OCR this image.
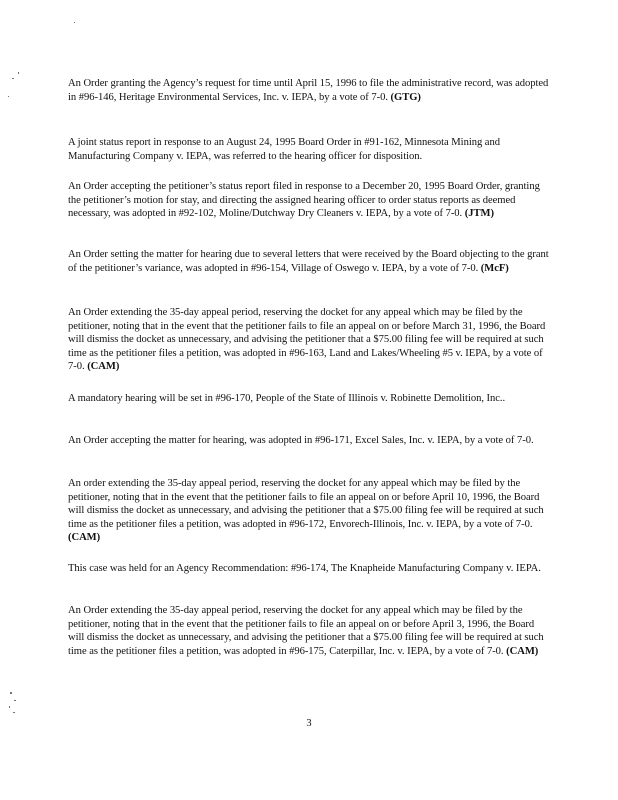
An Order granting the Agency’s request for time until April 15, 1996 to file the administrative record, was adopted in #96-146, Heritage Environmental Services, Inc. v. IEPA, by a vote of 7-0. (GTG)

A joint status report in response to an August 24, 1995 Board Order in #91-162, Minnesota Mining and Manufacturing Company v. IEPA, was referred to the hearing officer for disposition.

An Order accepting the petitioner’s status report filed in response to a December 20, 1995 Board Order, granting the petitioner’s motion for stay, and directing the assigned hearing officer to order status reports as deemed necessary, was adopted in #92-102, Moline/Dutchway Dry Cleaners v. IEPA, by a vote of 7-0. (JTM)

An Order setting the matter for hearing due to several letters that were received by the Board objecting to the grant of the petitioner’s variance, was adopted in #96-154, Village of Oswego v. IEPA, by a vote of 7-0. (McF)

An Order extending the 35-day appeal period, reserving the docket for any appeal which may be filed by the petitioner, noting that in the event that the petitioner fails to file an appeal on or before March 31, 1996, the Board will dismiss the docket as unnecessary, and advising the petitioner that a $75.00 filing fee will be required at such time as the petitioner files a petition, was adopted in #96-163, Land and Lakes/Wheeling #5 v. IEPA, by a vote of 7-0. (CAM)

A mandatory hearing will be set in #96-170, People of the State of Illinois v. Robinette Demolition, Inc..

An Order accepting the matter for hearing, was adopted in #96-171, Excel Sales, Inc. v. IEPA, by a vote of 7-0.

An order extending the 35-day appeal period, reserving the docket for any appeal which may be filed by the petitioner, noting that in the event that the petitioner fails to file an appeal on or before April 10, 1996, the Board will dismiss the docket as unnecessary, and advising the petitioner that a $75.00 filing fee will be required at such time as the petitioner files a petition, was adopted in #96-172, Envorech-Illinois, Inc. v. IEPA, by a vote of 7-0. (CAM)

This case was held for an Agency Recommendation: #96-174, The Knapheide Manufacturing Company v. IEPA.

An Order extending the 35-day appeal period, reserving the docket for any appeal which may be filed by the petitioner, noting that in the event that the petitioner fails to file an appeal on or before April 3, 1996, the Board will dismiss the docket as unnecessary, and advising the petitioner that a $75.00 filing fee will be required at such time as the petitioner files a petition, was adopted in #96-175, Caterpillar, Inc. v. IEPA, by a vote of 7-0. (CAM)

3
